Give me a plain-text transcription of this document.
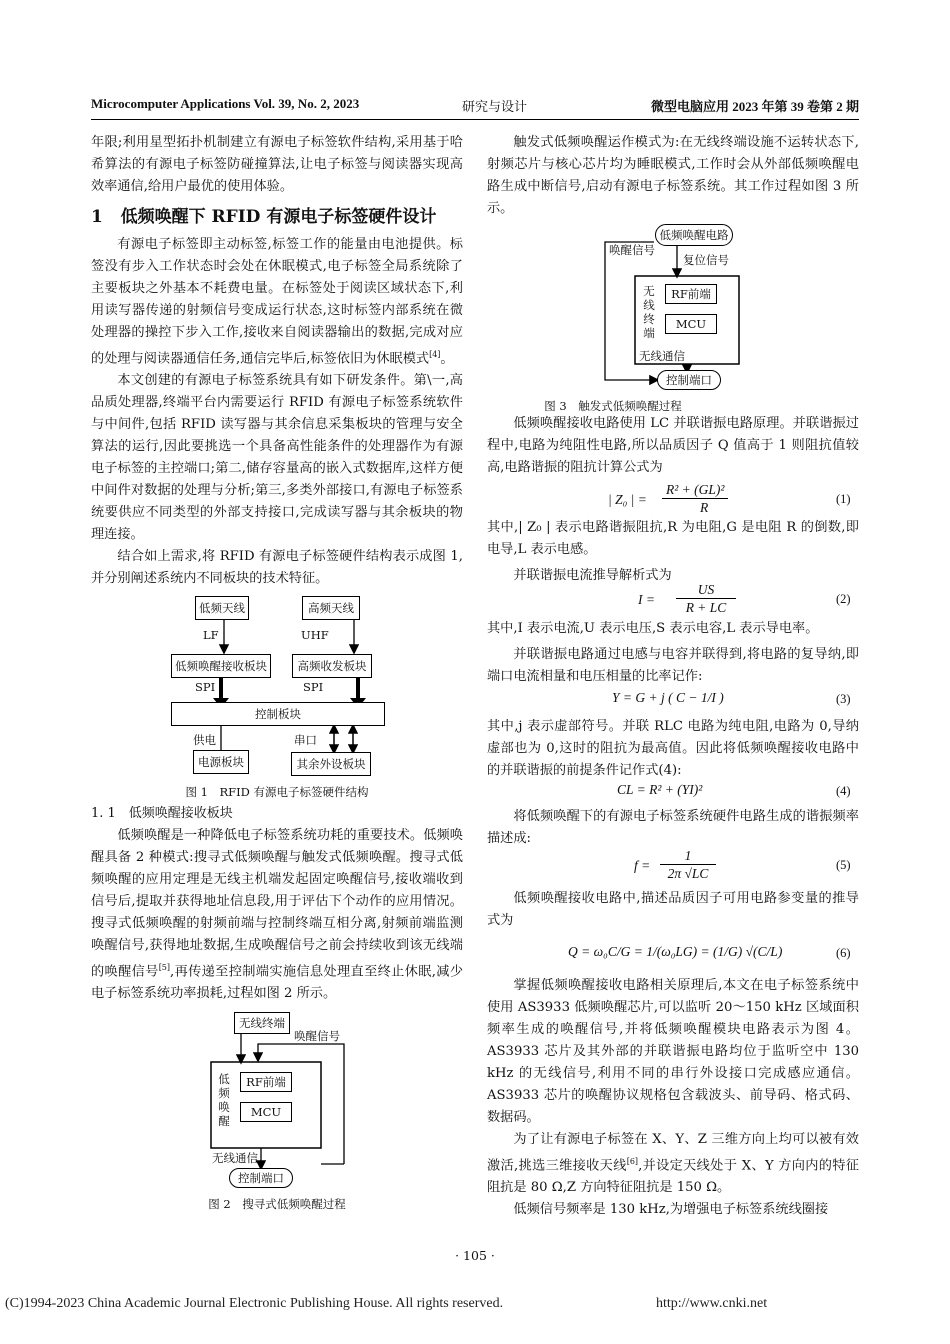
Microcomputer Applications Vol. 39, No. 2, 2023	研究与设计	微型电脑应用 2023 年第 39 卷第 2 期

年限;利用星型拓扑机制建立有源电子标签软件结构,采用基于哈希算法的有源电子标签防碰撞算法,让电子标签与阅读器实现高效率通信,给用户最优的使用体验。

1 低频唤醒下 RFID 有源电子标签硬件设计

有源电子标签即主动标签,标签工作的能量由电池提供。标签没有步入工作状态时会处在休眠模式,电子标签全局系统除了主要板块之外基本不耗费电量。在标签处于阅读区域状态下,利用读写器传递的射频信号变成运行状态,这时标签内部系统在微处理器的操控下步入工作,接收来自阅读器输出的数据,完成对应的处理与阅读器通信任务,通信完毕后,标签依旧为休眠模式[4]。

本文创建的有源电子标签系统具有如下研发条件。第\一,高品质处理器,终端平台内需要运行 RFID 有源电子标签系统软件与中间件,包括 RFID 读写器与其余信息采集板块的管理与安全算法的运行,因此要挑选一个具备高性能条件的处理器作为有源电子标签的主控端口;第二,储存容量高的嵌入式数据库,这样方便中间件对数据的处理与分析;第三,多类外部接口,有源电子标签系统要供应不同类型的外部支持接口,完成读写器与其余板块的物理连接。

结合如上需求,将 RFID 有源电子标签硬件结构表示成图 1,并分别阐述系统内不同板块的技术特征。

低频天线	高频天线
LF	UHF
低频唤醒接收板块	高频收发板块
SPI	SPI
控制板块
供电	串口
电源板块	其余外设板块
图 1　RFID 有源电子标签硬件结构
1. 1　低频唤醒接收板块

低频唤醒是一种降低电子标签系统功耗的重要技术。低频唤醒具备 2 种模式:搜寻式低频唤醒与触发式低频唤醒。搜寻式低频唤醒的应用定理是无线主机端发起固定唤醒信号,接收端收到信号后,提取并获得地址信息段,用于评估下个动作的应用情况。搜寻式低频唤醒的射频前端与控制终端互相分离,射频前端监测唤醒信号,获得地址数据,生成唤醒信号之前会持续收到该无线端的唤醒信号[5],再传递至控制端实施信息处理直至终止休眠,减少电子标签系统功率损耗,过程如图 2 所示。

无线终端
唤醒信号
低频唤醒
RF前端
MCU
无线通信
控制端口
图 2　搜寻式低频唤醒过程

触发式低频唤醒运作模式为:在无线终端设施不运转状态下,射频芯片与核心芯片均为睡眠模式,工作时会从外部低频唤醒电路生成中断信号,启动有源电子标签系统。其工作过程如图 3 所示。

低频唤醒电路
唤醒信号
复位信号
无线终端
RF前端
MCU
无线通信
控制端口
图 3　触发式低频唤醒过程

低频唤醒接收电路使用 LC 并联谐振电路原理。并联谐振过程中,电路为纯阻性电路,所以品质因子 Q 值高于 1 则阻抗值较高,电路谐振的阻抗计算公式为

| Z₀ | =
R² + (GL)²
R
(1)

其中,| Z₀ | 表示电路谐振阻抗,R 为电阻,G 是电阻 R 的倒数,即电导,L 表示电感。

并联谐振电流推导解析式为

I =
US
R + LC
(2)

其中,I 表示电流,U 表示电压,S 表示电容,L 表示导电率。

并联谐振电路通过电感与电容并联得到,将电路的复导纳,即端口电流相量和电压相量的比率记作:

Y = G + j ( C − 1/I )	(3)

其中,j 表示虚部符号。并联 RLC 电路为纯电阻,电路为 0,导纳虚部也为 0,这时的阻抗为最高值。因此将低频唤醒接收电路中的并联谐振的前提条件记作式(4):

CL = R² + (YI)²	(4)

将低频唤醒下的有源电子标签系统硬件电路生成的谐振频率描述成:

f =
1
2π √LC
(5)

低频唤醒接收电路中,描述品质因子可用电路参变量的推导式为

Q = ω₀C/G = 1/(ω₀LG) = (1/G) √(C/L)	(6)

掌握低频唤醒接收电路相关原理后,本文在电子标签系统中使用 AS3933 低频唤醒芯片,可以监听 20～150 kHz 区域面积频率生成的唤醒信号,并将低频唤醒模块电路表示为图 4。AS3933 芯片及其外部的并联谐振电路均位于监听空中 130 kHz 的无线信号,利用不同的串行外设接口完成感应通信。AS3933 芯片的唤醒协议规格包含载波头、前导码、格式码、数据码。

为了让有源电子标签在 X、Y、Z 三维方向上均可以被有效激活,挑选三维接收天线[6],并设定天线处于 X、Y 方向内的特征阻抗是 80 Ω,Z 方向特征阻抗是 150 Ω。

低频信号频率是 130 kHz,为增强电子标签系统线圈接

· 105 ·
(C)1994-2023 China Academic Journal Electronic Publishing House. All rights reserved.	http://www.cnki.net
